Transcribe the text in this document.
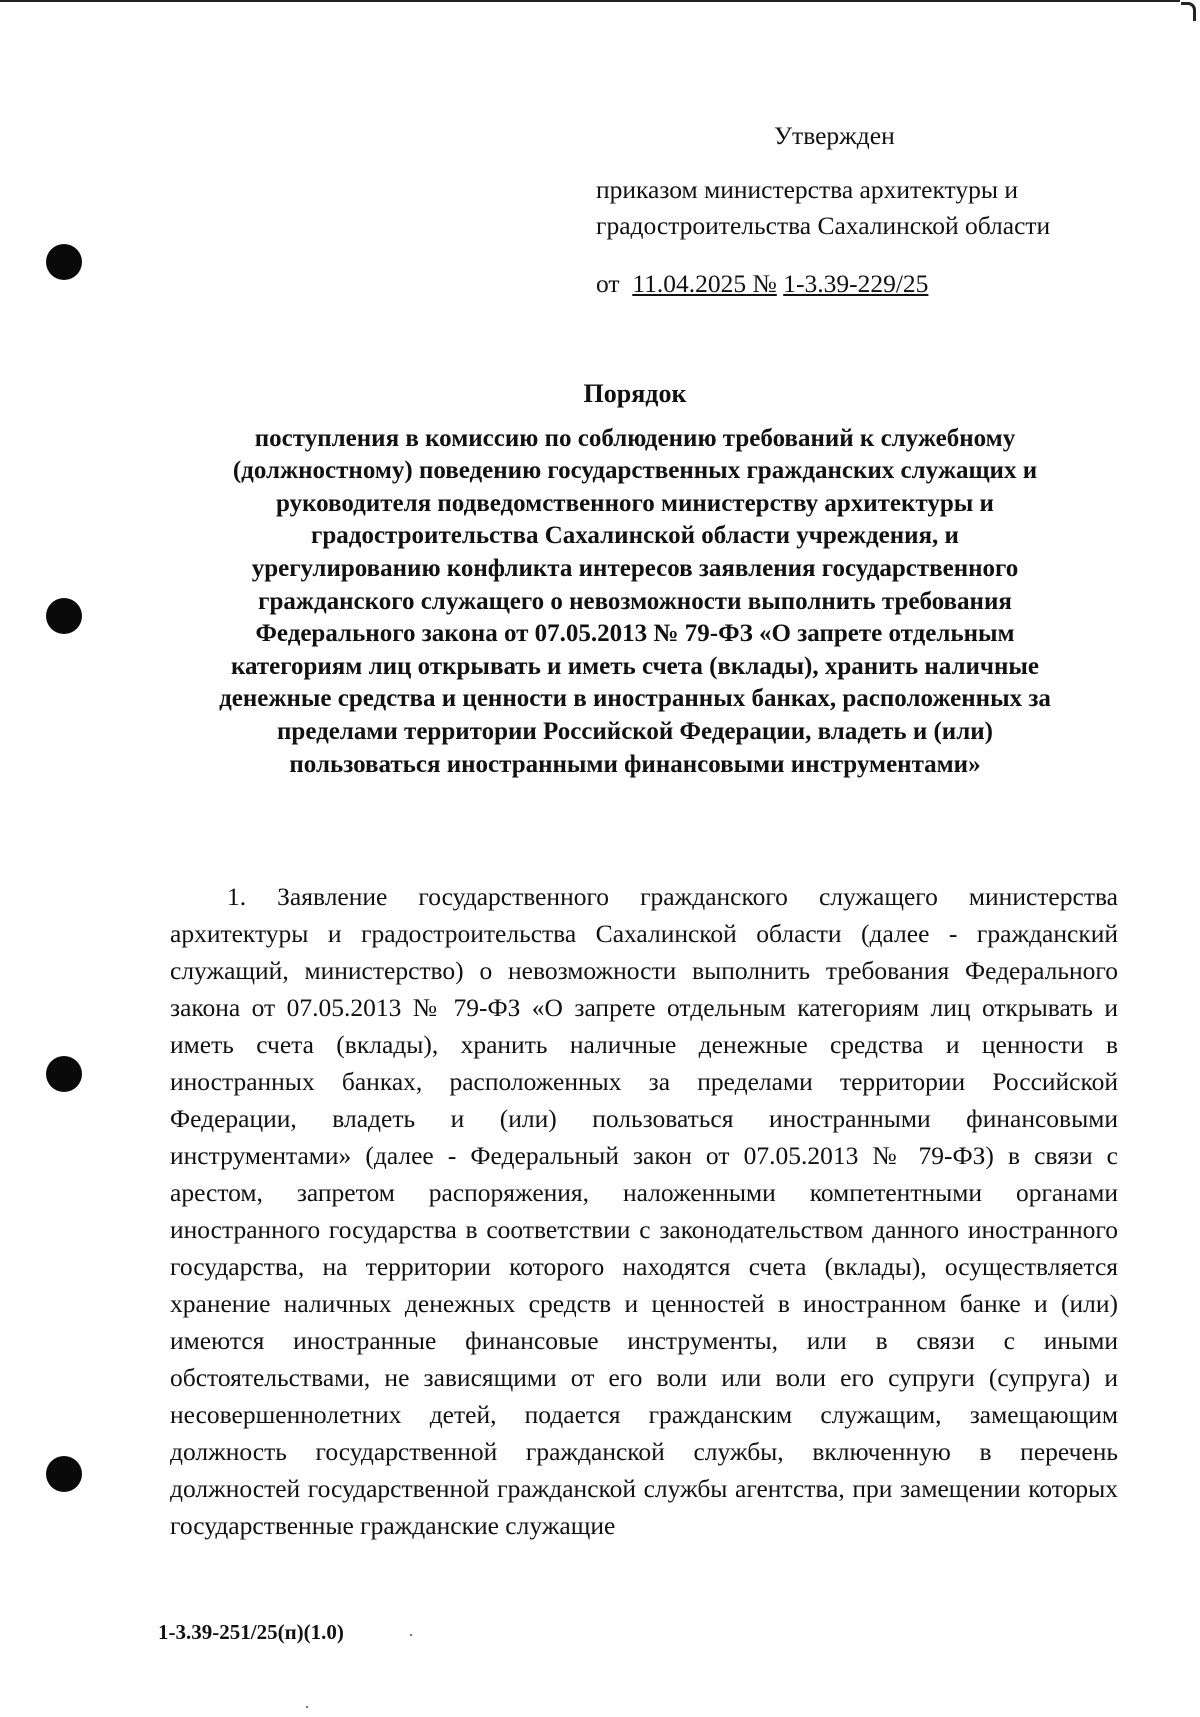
Утвержден
приказом министерства архитектуры и
градостроительства Сахалинской области
от 11.04.2025 № 1-3.39-229/25
Порядок
поступления в комиссию по соблюдению требований к служебному
(должностному) поведению государственных гражданских служащих и
руководителя подведомственного министерству архитектуры и
градостроительства Сахалинской области учреждения, и
урегулированию конфликта интересов заявления государственного
гражданского служащего о невозможности выполнить требования
Федерального закона от 07.05.2013 № 79-ФЗ «О запрете отдельным
категориям лиц открывать и иметь счета (вклады), хранить наличные
денежные средства и ценности в иностранных банках, расположенных за
пределами территории Российской Федерации, владеть и (или)
пользоваться иностранными финансовыми инструментами»

1. Заявление государственного гражданского служащего министерства архитектуры и градостроительства Сахалинской области (далее - гражданский служащий, министерство) о невозможности выполнить требования Федерального закона от 07.05.2013 № 79-ФЗ «О запрете отдельным категориям лиц открывать и иметь счета (вклады), хранить наличные денежные средства и ценности в иностранных банках, расположенных за пределами территории Российской Федерации, владеть и (или) пользоваться иностранными финансовыми инструментами» (далее - Федеральный закон от 07.05.2013 № 79-ФЗ) в связи с арестом, запретом распоряжения, наложенными компетентными органами иностранного государства в соответствии с законодательством данного иностранного государства, на территории которого находятся счета (вклады), осуществляется хранение наличных денежных средств и ценностей в иностранном банке и (или) имеются иностранные финансовые инструменты, или в связи с иными обстоятельствами, не зависящими от его воли или воли его супруги (супруга) и несовершеннолетних детей, подается гражданским служащим, замещающим должность государственной гражданской службы, включенную в перечень должностей государственной гражданской службы агентства, при замещении которых государственные гражданские служащие

1-3.39-251/25(п)(1.0)
